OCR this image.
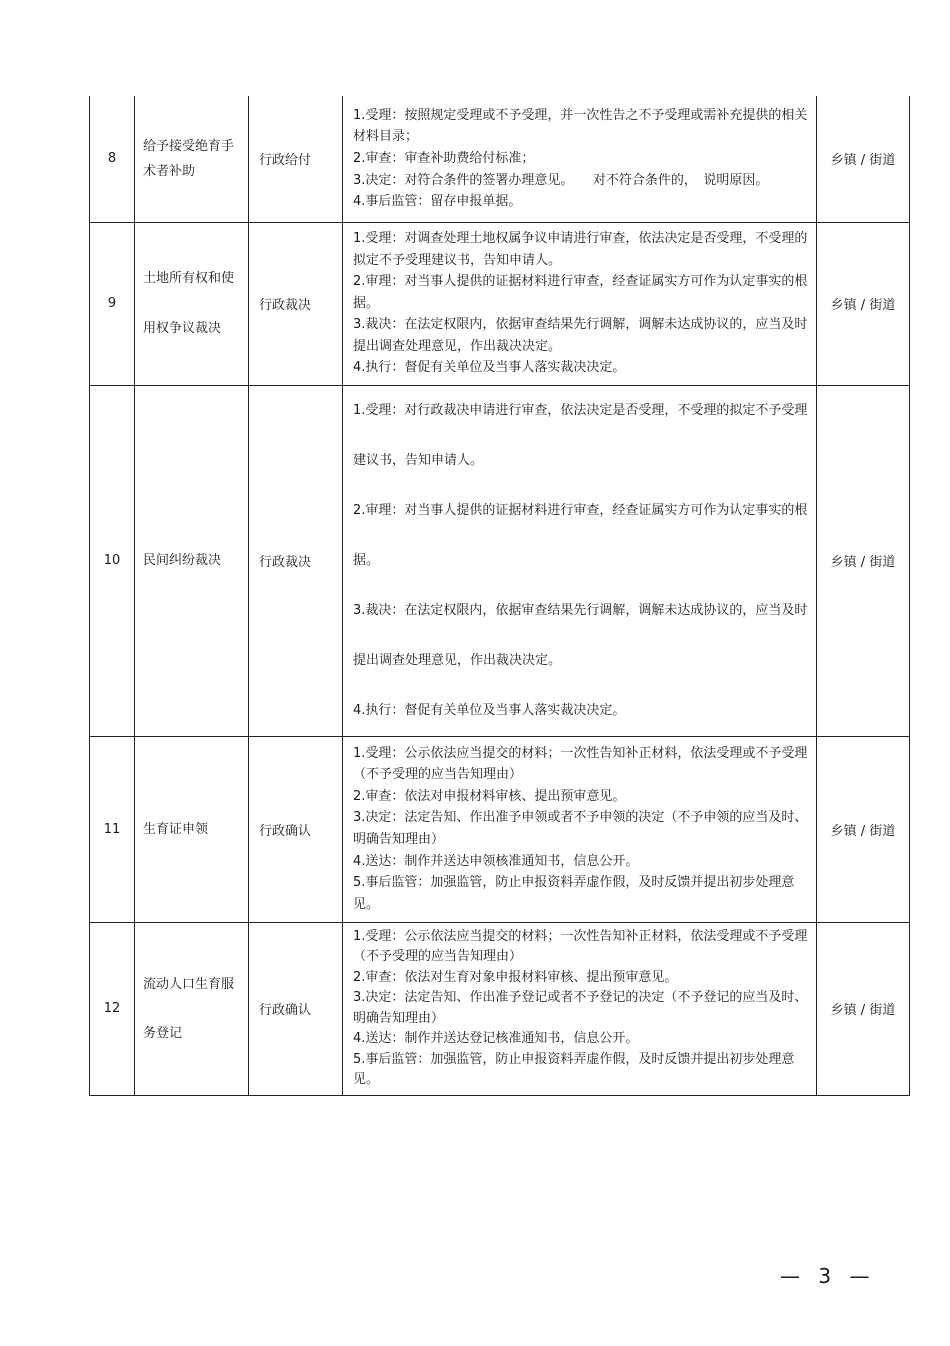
8	给予接受绝育手术者补助	行政给付	1.受理：按照规定受理或不予受理，并一次性告之不予受理或需补充提供的相关材料目录；
2.审查：审查补助费给付标准；
3.决定：对符合条件的签署办理意见。　　对不符合条件的，　说明原因。
4.事后监管：留存申报单据。	乡镇 / 街道
9	土地所有权和使用权争议裁决	行政裁决	1.受理：对调查处理土地权属争议申请进行审查，依法决定是否受理，不受理的拟定不予受理建议书，告知申请人。
2.审理：对当事人提供的证据材料进行审查，经查证属实方可作为认定事实的根据。
3.裁决：在法定权限内，依据审查结果先行调解，调解未达成协议的，应当及时提出调查处理意见，作出裁决决定。
4.执行：督促有关单位及当事人落实裁决决定。	乡镇 / 街道
10	民间纠纷裁决	行政裁决	1.受理：对行政裁决申请进行审查，依法决定是否受理，不受理的拟定不予受理建议书，告知申请人。
2.审理：对当事人提供的证据材料进行审查，经查证属实方可作为认定事实的根据。
3.裁决：在法定权限内，依据审查结果先行调解，调解未达成协议的，应当及时提出调查处理意见，作出裁决决定。
4.执行：督促有关单位及当事人落实裁决决定。	乡镇 / 街道
11	生育证申领	行政确认	1.受理：公示依法应当提交的材料；一次性告知补正材料，依法受理或不予受理（不予受理的应当告知理由）
2.审查：依法对申报材料审核、提出预审意见。
3.决定：法定告知、作出准予申领或者不予申领的决定（不予申领的应当及时、明确告知理由）
4.送达：制作并送达申领核准通知书，信息公开。
5.事后监管：加强监管，防止申报资料弄虚作假，及时反馈并提出初步处理意见。	乡镇 / 街道
12	流动人口生育服务登记	行政确认	1.受理：公示依法应当提交的材料；一次性告知补正材料，依法受理或不予受理（不予受理的应当告知理由）
2.审查：依法对生育对象申报材料审核、提出预审意见。
3.决定：法定告知、作出准予登记或者不予登记的决定（不予登记的应当及时、明确告知理由）
4.送达：制作并送达登记核准通知书，信息公开。
5.事后监管：加强监管，防止申报资料弄虚作假，及时反馈并提出初步处理意见。	乡镇 / 街道
— 3 —
